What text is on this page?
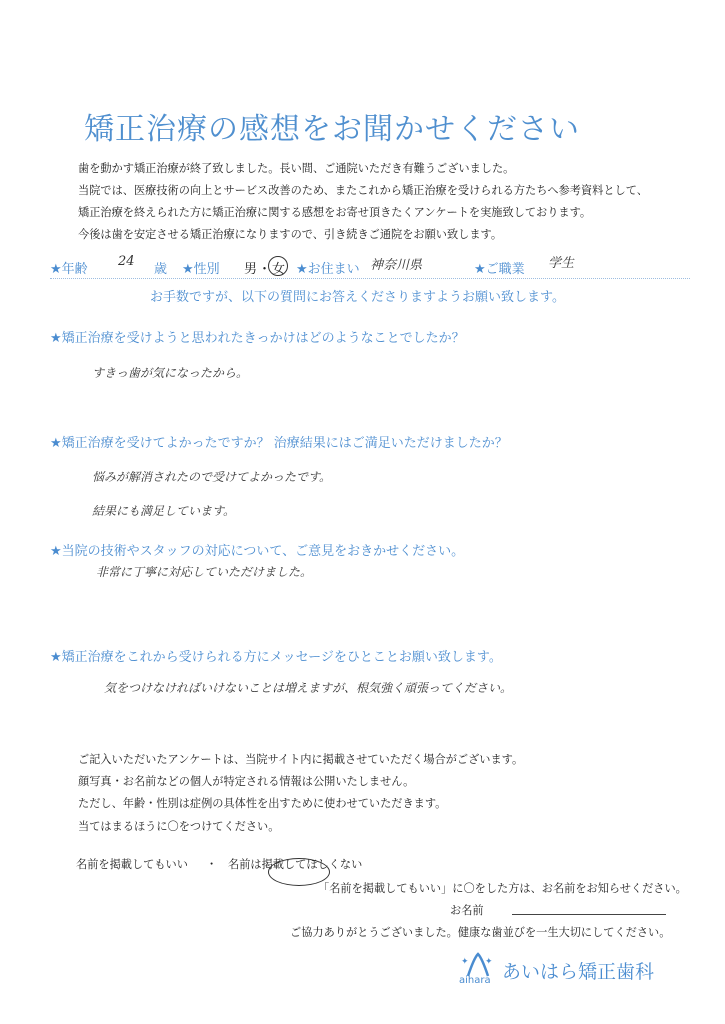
矯正治療の感想をお聞かせください
歯を動かす矯正治療が終了致しました。長い間、ご通院いただき有難うございました。
当院では、医療技術の向上とサービス改善のため、またこれから矯正治療を受けられる方たちへ参考資料として、
矯正治療を終えられた方に矯正治療に関する感想をお寄せ頂きたくアンケートを実施致しております。
今後は歯を安定させる矯正治療になりますので、引き続きご通院をお願い致します。
★年齢
24
歳 ★性別 男 ・ 女 ★お住まい 神奈川県	★ご職業 学生
お手数ですが、以下の質問にお答えくださりますようお願い致します。
★矯正治療を受けようと思われたきっかけはどのようなことでしたか？
すきっ歯が気になったから。
★矯正治療を受けてよかったですか？ 治療結果にはご満足いただけましたか？
悩みが解消されたので受けてよかったです。
結果にも満足しています。
★当院の技術やスタッフの対応について、ご意見をおきかせください。
非常に丁寧に対応していただけました。
★矯正治療をこれから受けられる方にメッセージをひとことお願い致します。
気をつけなければいけないことは増えますが、根気強く頑張ってください。
ご記入いただいたアンケートは、当院サイト内に掲載させていただく場合がございます。
顔写真・お名前などの個人が特定される情報は公開いたしません。
ただし、年齢・性別は症例の具体性を出すために使わせていただきます。
当てはまるほうに〇をつけてください。
名前を掲載してもいい ・ 名前は掲載してほしくない
「名前を掲載してもいい」に〇をした方は、お名前をお知らせください。
お名前
ご協力ありがとうございました。健康な歯並びを一生大切にしてください。
✦ ✦ あいはら矯正歯科
aihara
